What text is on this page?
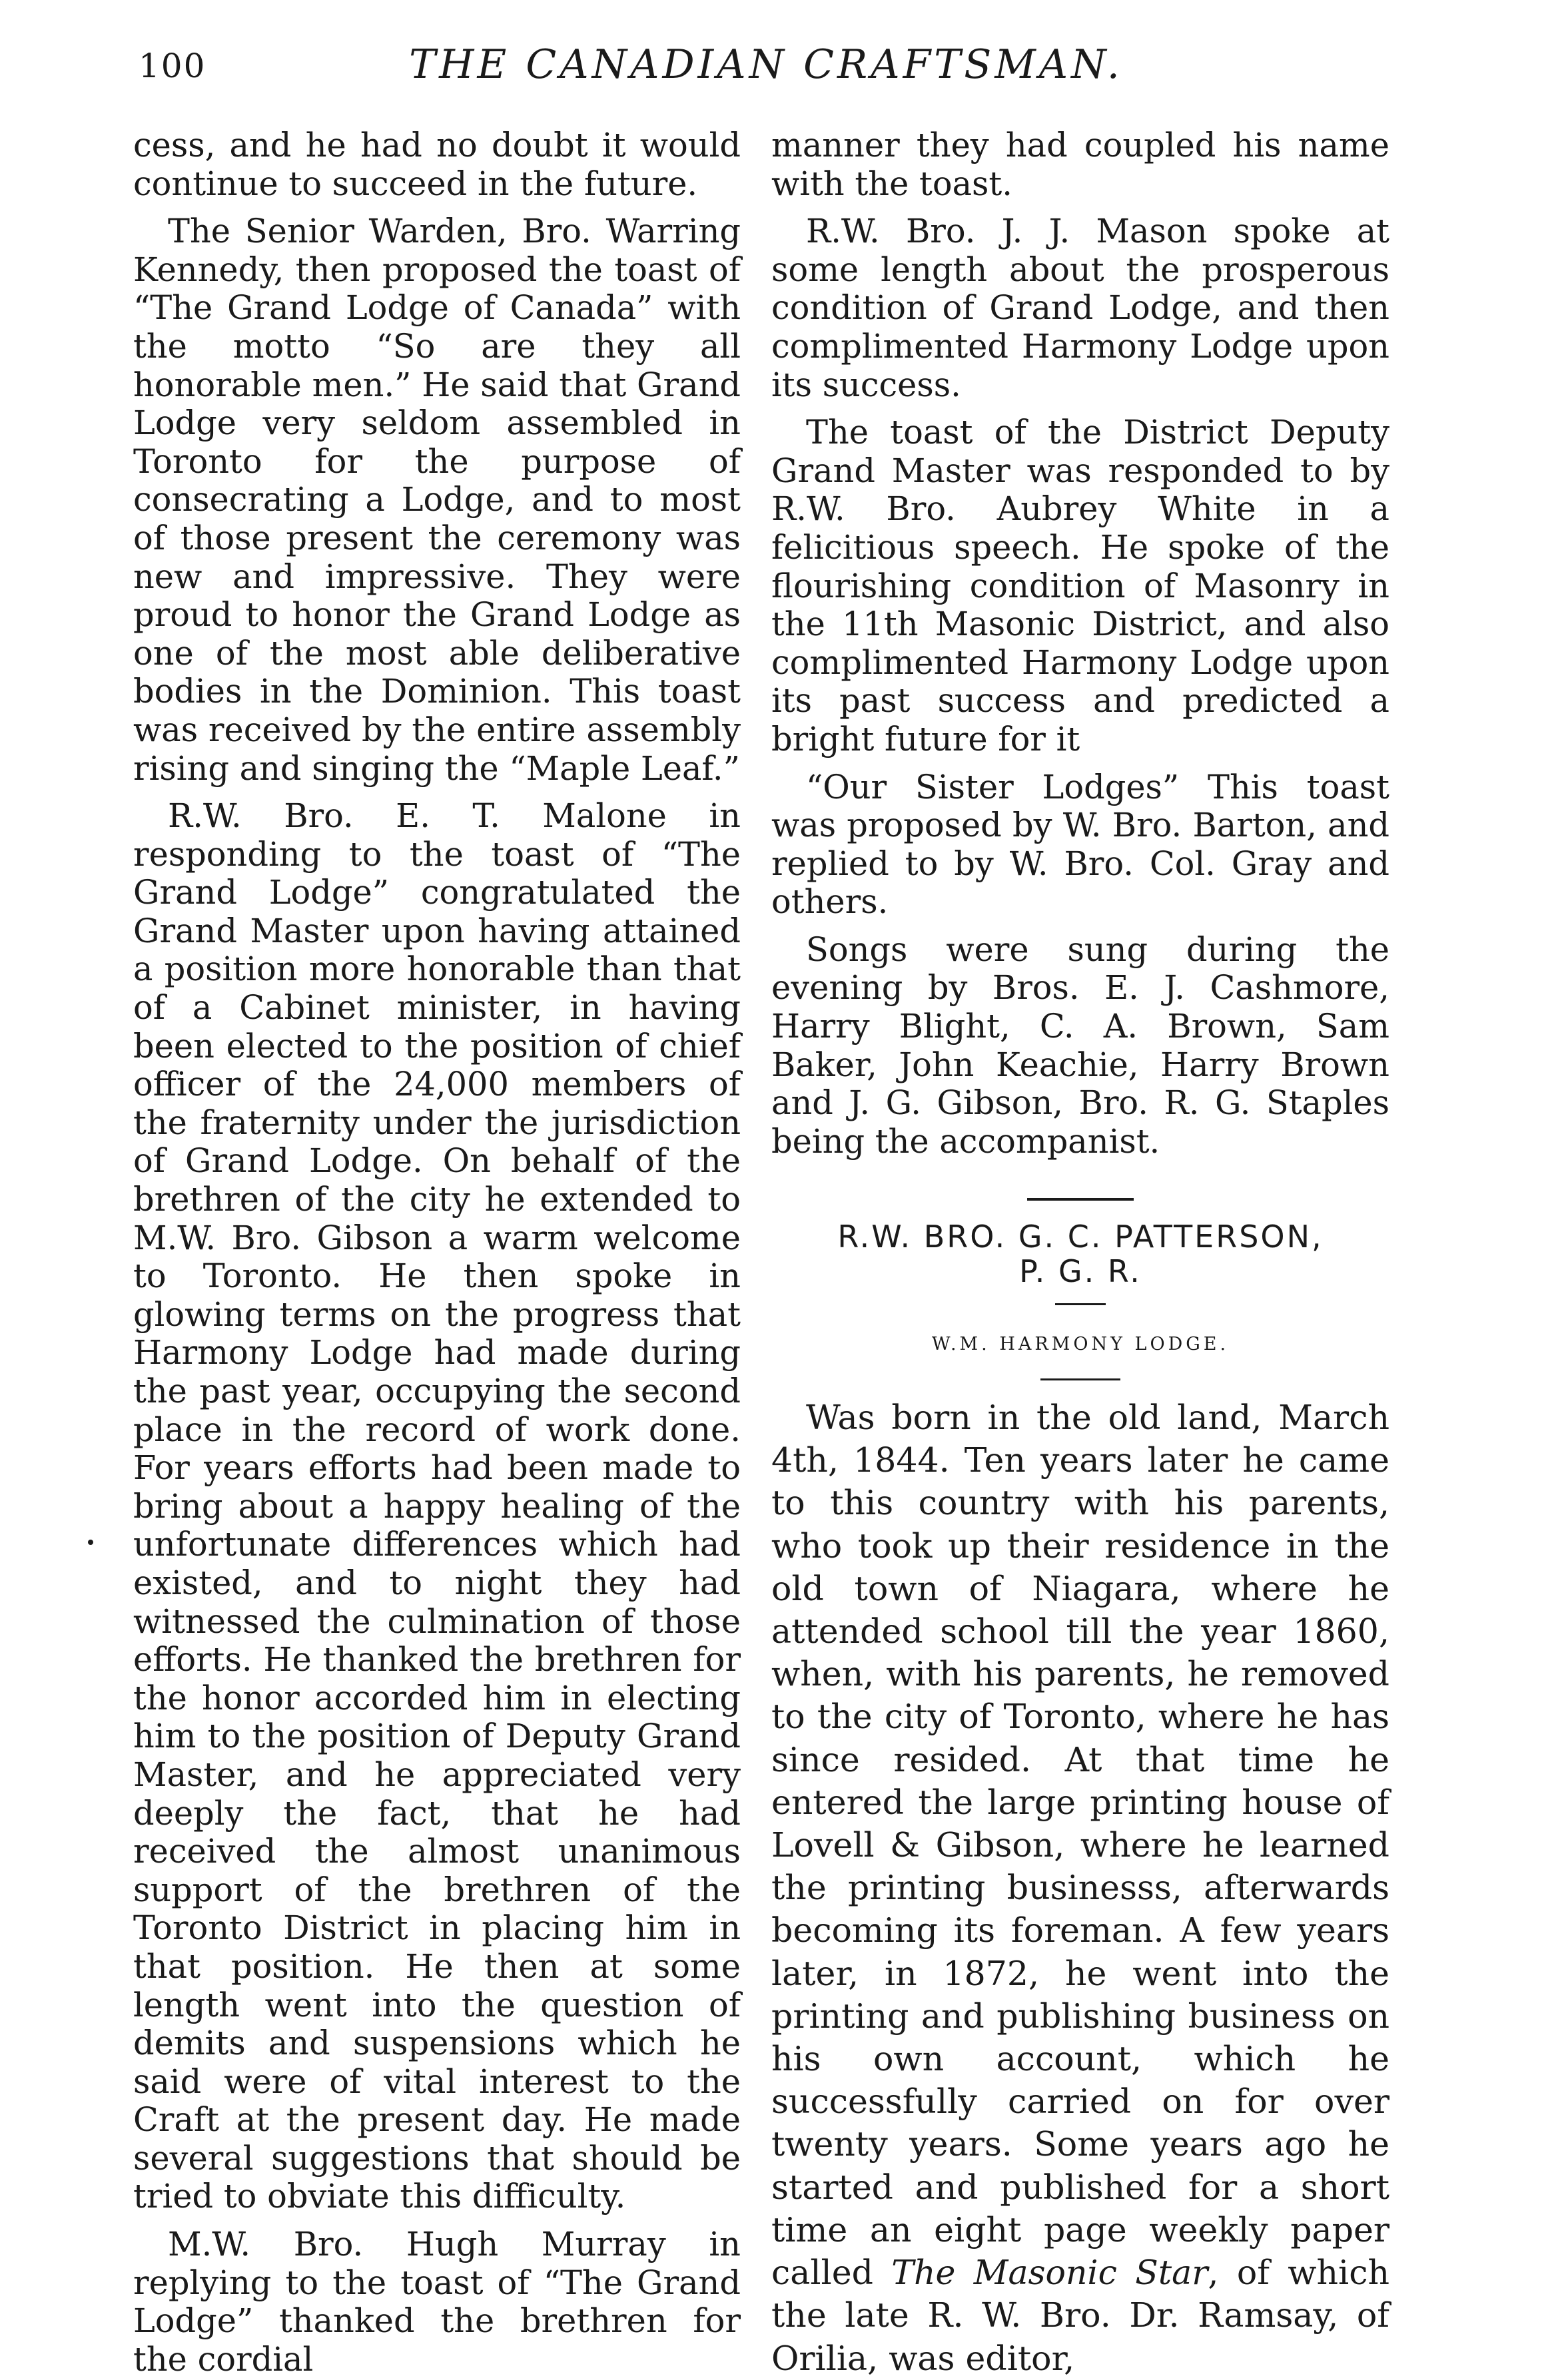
100	THE CANADIAN CRAFTSMAN.

cess, and he had no doubt it would continue to succeed in the future.

The Senior Warden, Bro. Warring Kennedy, then proposed the toast of “The Grand Lodge of Canada” with the motto “So are they all honorable men.” He said that Grand Lodge very seldom assembled in Toronto for the purpose of consecrating a Lodge, and to most of those present the ceremony was new and impressive. They were proud to honor the Grand Lodge as one of the most able deliberative bodies in the Dominion. This toast was received by the entire assembly rising and singing the “Maple Leaf.”

R.W. Bro. E. T. Malone in responding to the toast of “The Grand Lodge” congratulated the Grand Master upon having attained a position more honorable than that of a Cabinet minister, in having been elected to the position of chief officer of the 24,000 members of the fraternity under the jurisdiction of Grand Lodge. On behalf of the brethren of the city he extended to M.W. Bro. Gibson a warm welcome to Toronto. He then spoke in glowing terms on the progress that Harmony Lodge had made during the past year, occupying the second place in the record of work done. For years efforts had been made to bring about a happy healing of the unfortunate differences which had existed, and to night they had witnessed the culmination of those efforts. He thanked the brethren for the honor accorded him in electing him to the position of Deputy Grand Master, and he appreciated very deeply the fact, that he had received the almost unanimous support of the brethren of the Toronto District in placing him in that position. He then at some length went into the question of demits and suspensions which he said were of vital interest to the Craft at the present day. He made several suggestions that should be tried to obviate this difficulty.

M.W. Bro. Hugh Murray in replying to the toast of “The Grand Lodge” thanked the brethren for the cordial

manner they had coupled his name with the toast.

R.W. Bro. J. J. Mason spoke at some length about the prosperous condition of Grand Lodge, and then complimented Harmony Lodge upon its success.

The toast of the District Deputy Grand Master was responded to by R.W. Bro. Aubrey White in a felicitious speech. He spoke of the flourishing condition of Masonry in the 11th Masonic District, and also complimented Harmony Lodge upon its past success and predicted a bright future for it

“Our Sister Lodges” This toast was proposed by W. Bro. Barton, and replied to by W. Bro. Col. Gray and others.

Songs were sung during the evening by Bros. E. J. Cashmore, Harry Blight, C. A. Brown, Sam Baker, John Keachie, Harry Brown and J. G. Gibson, Bro. R. G. Staples being the accompanist.

R.W. BRO. G. C. PATTERSON,
P. G. R.
W.M. HARMONY LODGE.

Was born in the old land, March 4th, 1844. Ten years later he came to this country with his parents, who took up their residence in the old town of Niagara, where he attended school till the year 1860, when, with his parents, he removed to the city of Toronto, where he has since resided. At that time he entered the large printing house of Lovell & Gibson, where he learned the printing businesss, afterwards becoming its foreman. A few years later, in 1872, he went into the printing and publishing business on his own account, which he successfully carried on for over twenty years. Some years ago he started and published for a short time an eight page weekly paper called The Masonic Star, of which the late R. W. Bro. Dr. Ramsay, of Orilia, was editor,
